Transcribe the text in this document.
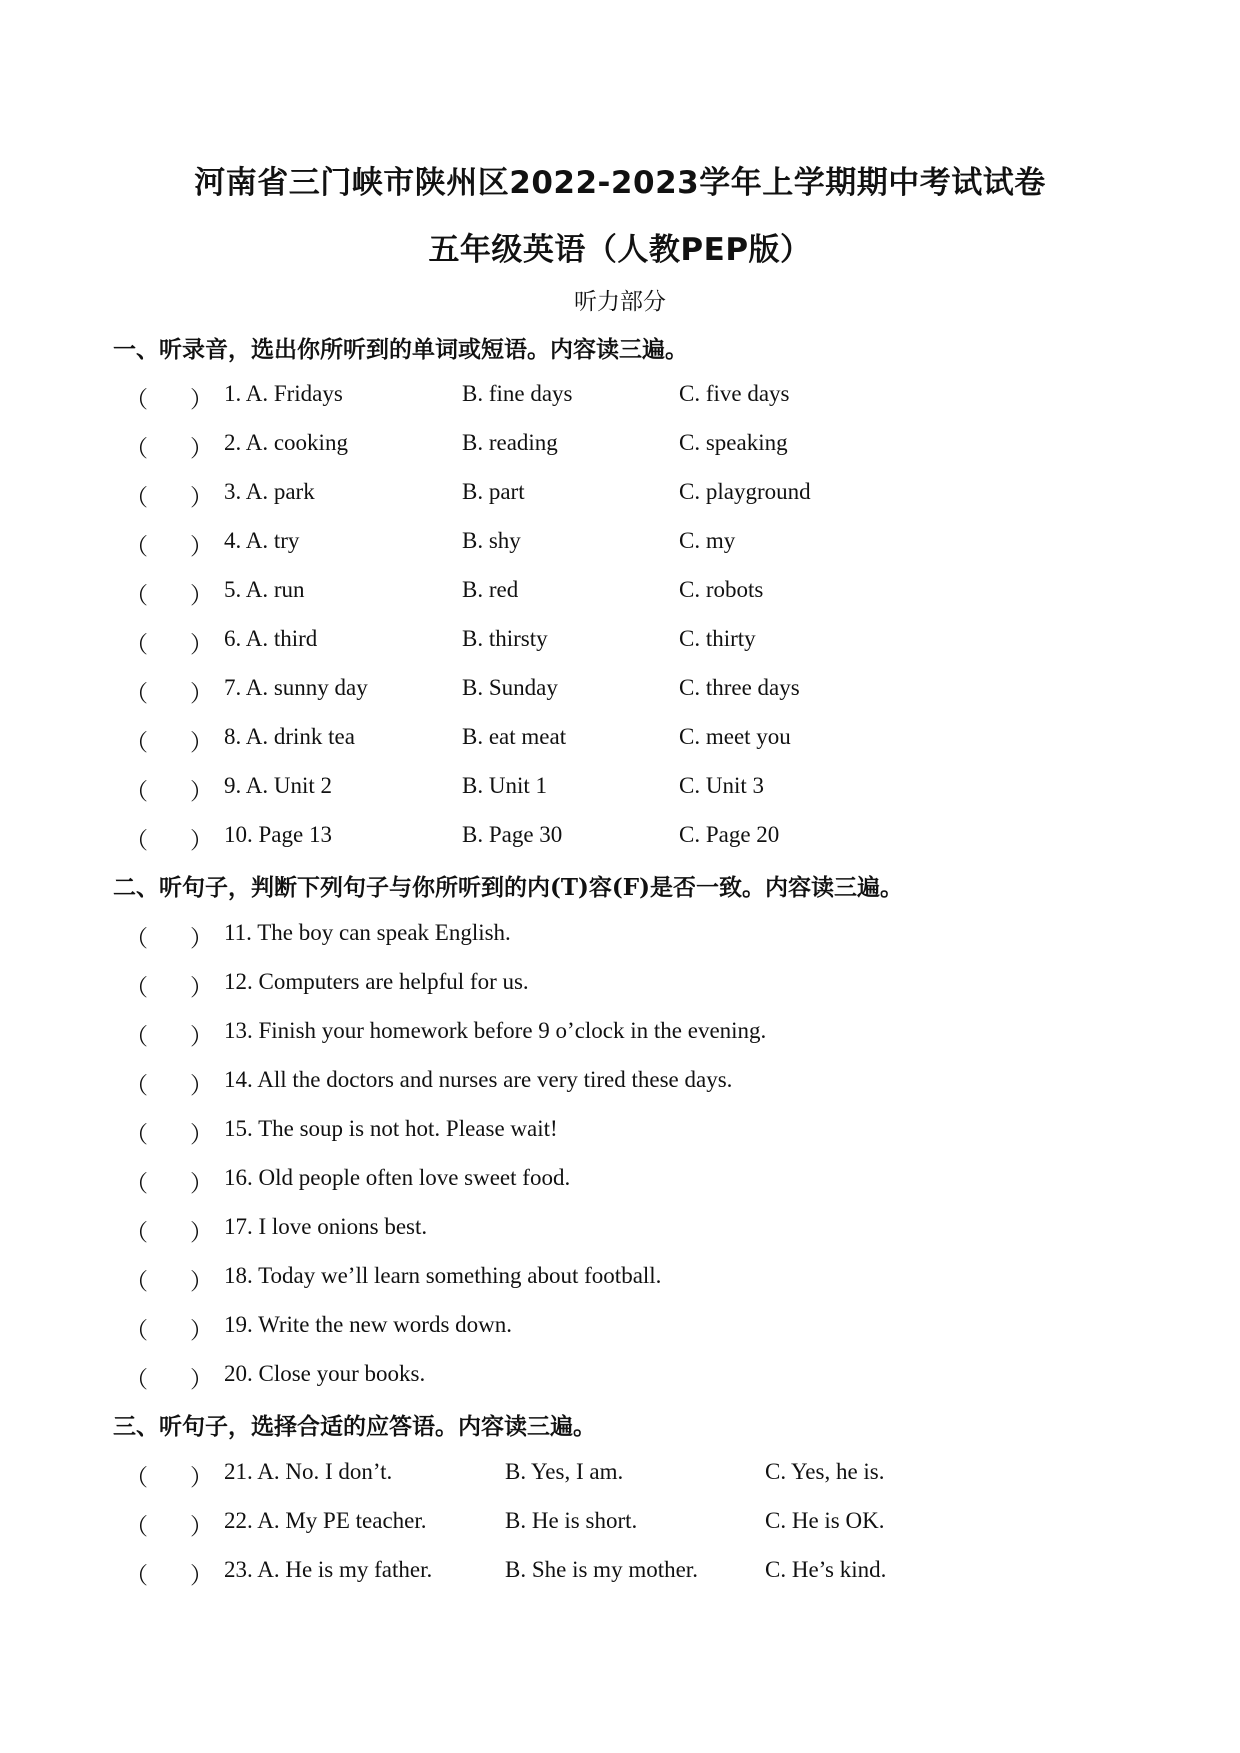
河南省三门峡市陕州区2022-2023学年上学期期中考试试卷
五年级英语（人教PEP版）
听力部分
一、听录音，选出你所听到的单词或短语。内容读三遍。
（ ） 1. A. Fridays	B. fine days	C. five days
（ ） 2. A. cooking	B. reading	C. speaking
（ ） 3. A. park	B. part	C. playground
（ ） 4. A. try	B. shy	C. my
（ ） 5. A. run	B. red	C. robots
（ ） 6. A. third	B. thirsty	C. thirty
（ ） 7. A. sunny day	B. Sunday	C. three days
（ ） 8. A. drink tea	B. eat meat	C. meet you
（ ） 9. A. Unit 2	B. Unit 1	C. Unit 3
（ ） 10. Page 13	B. Page 30	C. Page 20
二、听句子，判断下列句子与你所听到的内(T)容(F)是否一致。内容读三遍。
（ ） 11. The boy can speak English.
（ ） 12. Computers are helpful for us.
（ ） 13. Finish your homework before 9 o’clock in the evening.
（ ） 14. All the doctors and nurses are very tired these days.
（ ） 15. The soup is not hot. Please wait!
（ ） 16. Old people often love sweet food.
（ ） 17. I love onions best.
（ ） 18. Today we’ll learn something about football.
（ ） 19. Write the new words down.
（ ） 20. Close your books.
三、听句子，选择合适的应答语。内容读三遍。
（ ） 21. A. No. I don’t.	B. Yes, I am.	C. Yes, he is.
（ ） 22. A. My PE teacher.	B. He is short.	C. He is OK.
（ ） 23. A. He is my father.	B. She is my mother.	C. He’s kind.
